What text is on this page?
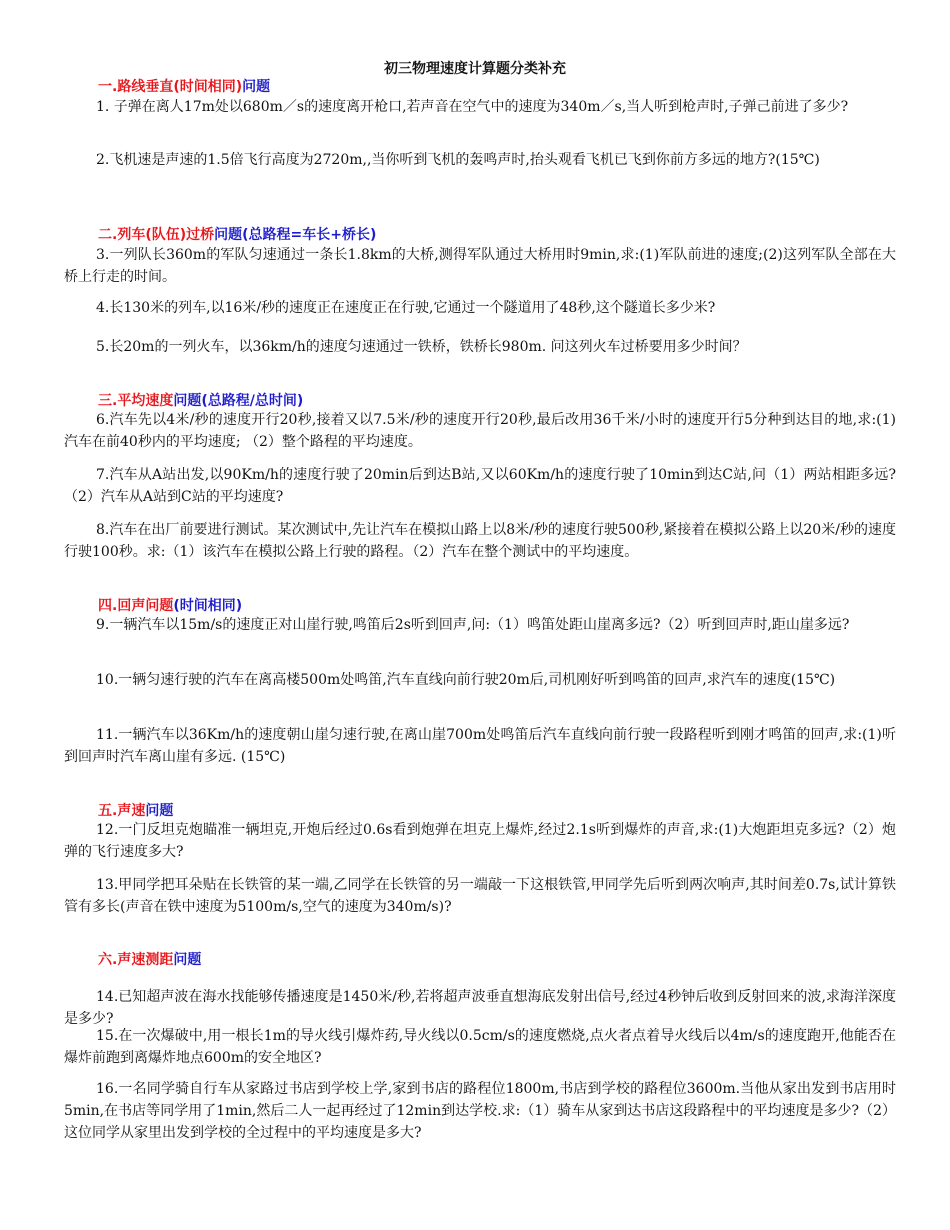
初三物理速度计算题分类补充
一.路线垂直(时间相同)问题
1. 子弹在离人17m处以680m／s的速度离开枪口,若声音在空气中的速度为340m／s,当人听到枪声时,子弹己前进了多少?
2.飞机速是声速的1.5倍飞行高度为2720m,,当你听到飞机的轰鸣声时,抬头观看飞机已飞到你前方多远的地方?(15℃)
二.列车(队伍)过桥问题(总路程=车长+桥长)
3.一列队长360m的军队匀速通过一条长1.8km的大桥,测得军队通过大桥用时9min,求:(1)军队前进的速度;(2)这列军队全部在大桥上行走的时间。
4.长130米的列车,以16米/秒的速度正在速度正在行驶,它通过一个隧道用了48秒,这个隧道长多少米?
5.长20m的一列火车，以36km/h的速度匀速通过一铁桥，铁桥长980m. 问这列火车过桥要用多少时间？
三.平均速度问题(总路程/总时间)
6.汽车先以4米/秒的速度开行20秒,接着又以7.5米/秒的速度开行20秒,最后改用36千米/小时的速度开行5分种到达目的地,求:(1)汽车在前40秒内的平均速度; （2）整个路程的平均速度。
7.汽车从A站出发,以90Km/h的速度行驶了20min后到达B站,又以60Km/h的速度行驶了10min到达C站,问（1）两站相距多远?（2）汽车从A站到C站的平均速度?
8.汽车在出厂前要进行测试。某次测试中,先让汽车在模拟山路上以8米/秒的速度行驶500秒,紧接着在模拟公路上以20米/秒的速度行驶100秒。求:（1）该汽车在模拟公路上行驶的路程。（2）汽车在整个测试中的平均速度。
四.回声问题(时间相同)
9.一辆汽车以15m/s的速度正对山崖行驶,鸣笛后2s听到回声,问:（1）鸣笛处距山崖离多远?（2）听到回声时,距山崖多远?
10.一辆匀速行驶的汽车在离高楼500m处鸣笛,汽车直线向前行驶20m后,司机刚好听到鸣笛的回声,求汽车的速度(15℃)
11.一辆汽车以36Km/h的速度朝山崖匀速行驶,在离山崖700m处鸣笛后汽车直线向前行驶一段路程听到刚才鸣笛的回声,求:(1)听到回声时汽车离山崖有多远. (15℃)
五.声速问题
12.一门反坦克炮瞄准一辆坦克,开炮后经过0.6s看到炮弹在坦克上爆炸,经过2.1s听到爆炸的声音,求:(1)大炮距坦克多远?（2）炮弹的飞行速度多大?
13.甲同学把耳朵贴在长铁管的某一端,乙同学在长铁管的另一端敲一下这根铁管,甲同学先后听到两次响声,其时间差0.7s,试计算铁管有多长(声音在铁中速度为5100m/s,空气的速度为340m/s)?
六.声速测距问题
14.已知超声波在海水找能够传播速度是1450米/秒,若将超声波垂直想海底发射出信号,经过4秒钟后收到反射回来的波,求海洋深度是多少?
15.在一次爆破中,用一根长1m的导火线引爆炸药,导火线以0.5cm/s的速度燃烧,点火者点着导火线后以4m/s的速度跑开,他能否在爆炸前跑到离爆炸地点600m的安全地区?
16.一名同学骑自行车从家路过书店到学校上学,家到书店的路程位1800m,书店到学校的路程位3600m.当他从家出发到书店用时5min,在书店等同学用了1min,然后二人一起再经过了12min到达学校.求:（1）骑车从家到达书店这段路程中的平均速度是多少?（2）这位同学从家里出发到学校的全过程中的平均速度是多大?
